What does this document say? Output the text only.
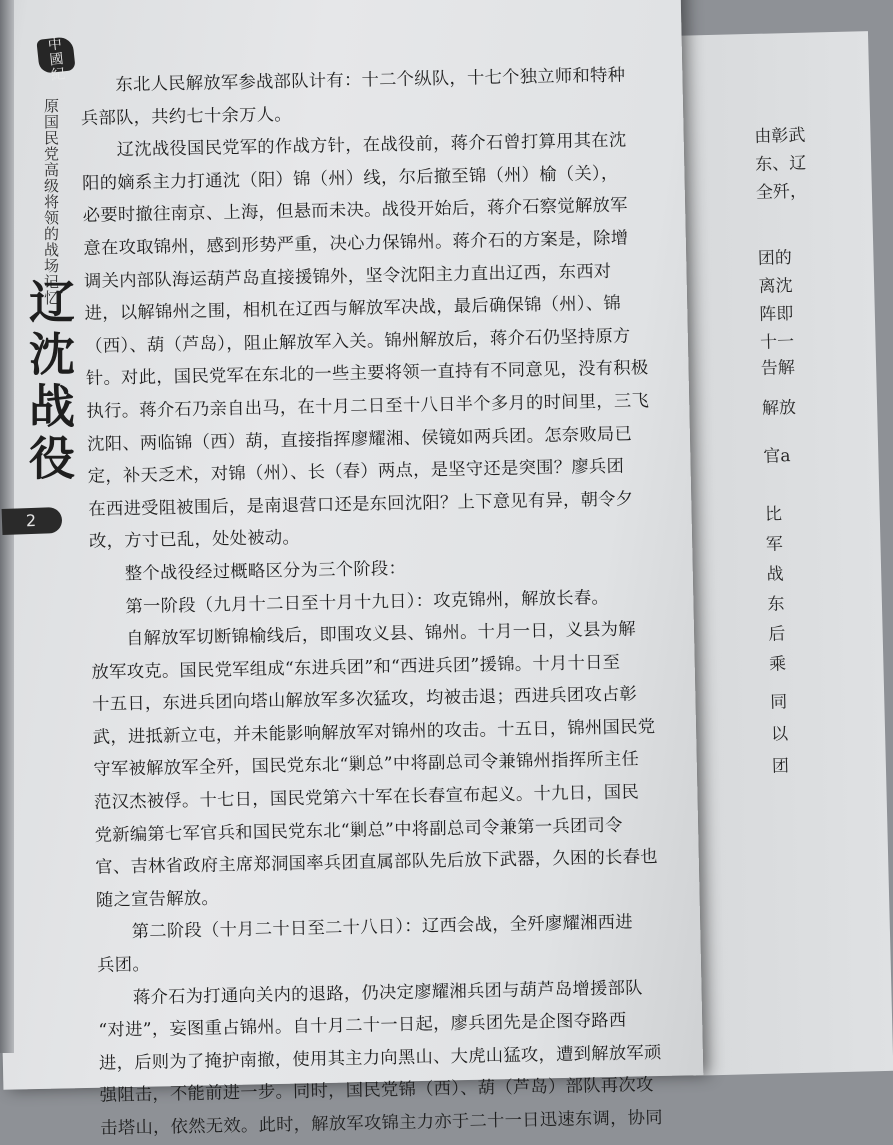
由彰武
东、辽
全歼，
团的
离沈
阵即
十一
告解
解放
官a
比
军
战
东
后
乘
同
以
团
中
國
紀
原国民党高级将领的战场记忆
辽沈战役
2
　　东北人民解放军参战部队计有：十二个纵队，十七个独立师和特种
兵部队，共约七十余万人。
　　辽沈战役国民党军的作战方针，在战役前，蒋介石曾打算用其在沈
阳的嫡系主力打通沈（阳）锦（州）线，尔后撤至锦（州）榆（关），
必要时撤往南京、上海，但悬而未决。战役开始后，蒋介石察觉解放军
意在攻取锦州，感到形势严重，决心力保锦州。蒋介石的方案是，除增
调关内部队海运葫芦岛直接援锦外，坚令沈阳主力直出辽西，东西对
进，以解锦州之围，相机在辽西与解放军决战，最后确保锦（州）、锦
（西）、葫（芦岛），阻止解放军入关。锦州解放后，蒋介石仍坚持原方
针。对此，国民党军在东北的一些主要将领一直持有不同意见，没有积极
执行。蒋介石乃亲自出马，在十月二日至十八日半个多月的时间里，三飞
沈阳、两临锦（西）葫，直接指挥廖耀湘、侯镜如两兵团。怎奈败局已
定，补天乏术，对锦（州）、长（春）两点，是坚守还是突围？廖兵团
在西进受阻被围后，是南退营口还是东回沈阳？上下意见有异，朝令夕
改，方寸已乱，处处被动。
　　整个战役经过概略区分为三个阶段：
　　第一阶段（九月十二日至十月十九日）：攻克锦州，解放长春。
　　自解放军切断锦榆线后，即围攻义县、锦州。十月一日，义县为解
放军攻克。国民党军组成“东进兵团”和“西进兵团”援锦。十月十日至
十五日，东进兵团向塔山解放军多次猛攻，均被击退；西进兵团攻占彰
武，进抵新立屯，并未能影响解放军对锦州的攻击。十五日，锦州国民党
守军被解放军全歼，国民党东北“剿总”中将副总司令兼锦州指挥所主任
范汉杰被俘。十七日，国民党第六十军在长春宣布起义。十九日，国民
党新编第七军官兵和国民党东北“剿总”中将副总司令兼第一兵团司令
官、吉林省政府主席郑洞国率兵团直属部队先后放下武器，久困的长春也
随之宣告解放。
　　第二阶段（十月二十日至二十八日）：辽西会战，全歼廖耀湘西进
兵团。
　　蒋介石为打通向关内的退路，仍决定廖耀湘兵团与葫芦岛增援部队
“对进”，妄图重占锦州。自十月二十一日起，廖兵团先是企图夺路西
进，后则为了掩护南撤，使用其主力向黑山、大虎山猛攻，遭到解放军顽
强阻击，不能前进一步。同时，国民党锦（西）、葫（芦岛）部队再次攻
击塔山，依然无效。此时，解放军攻锦主力亦于二十一日迅速东调，协同
